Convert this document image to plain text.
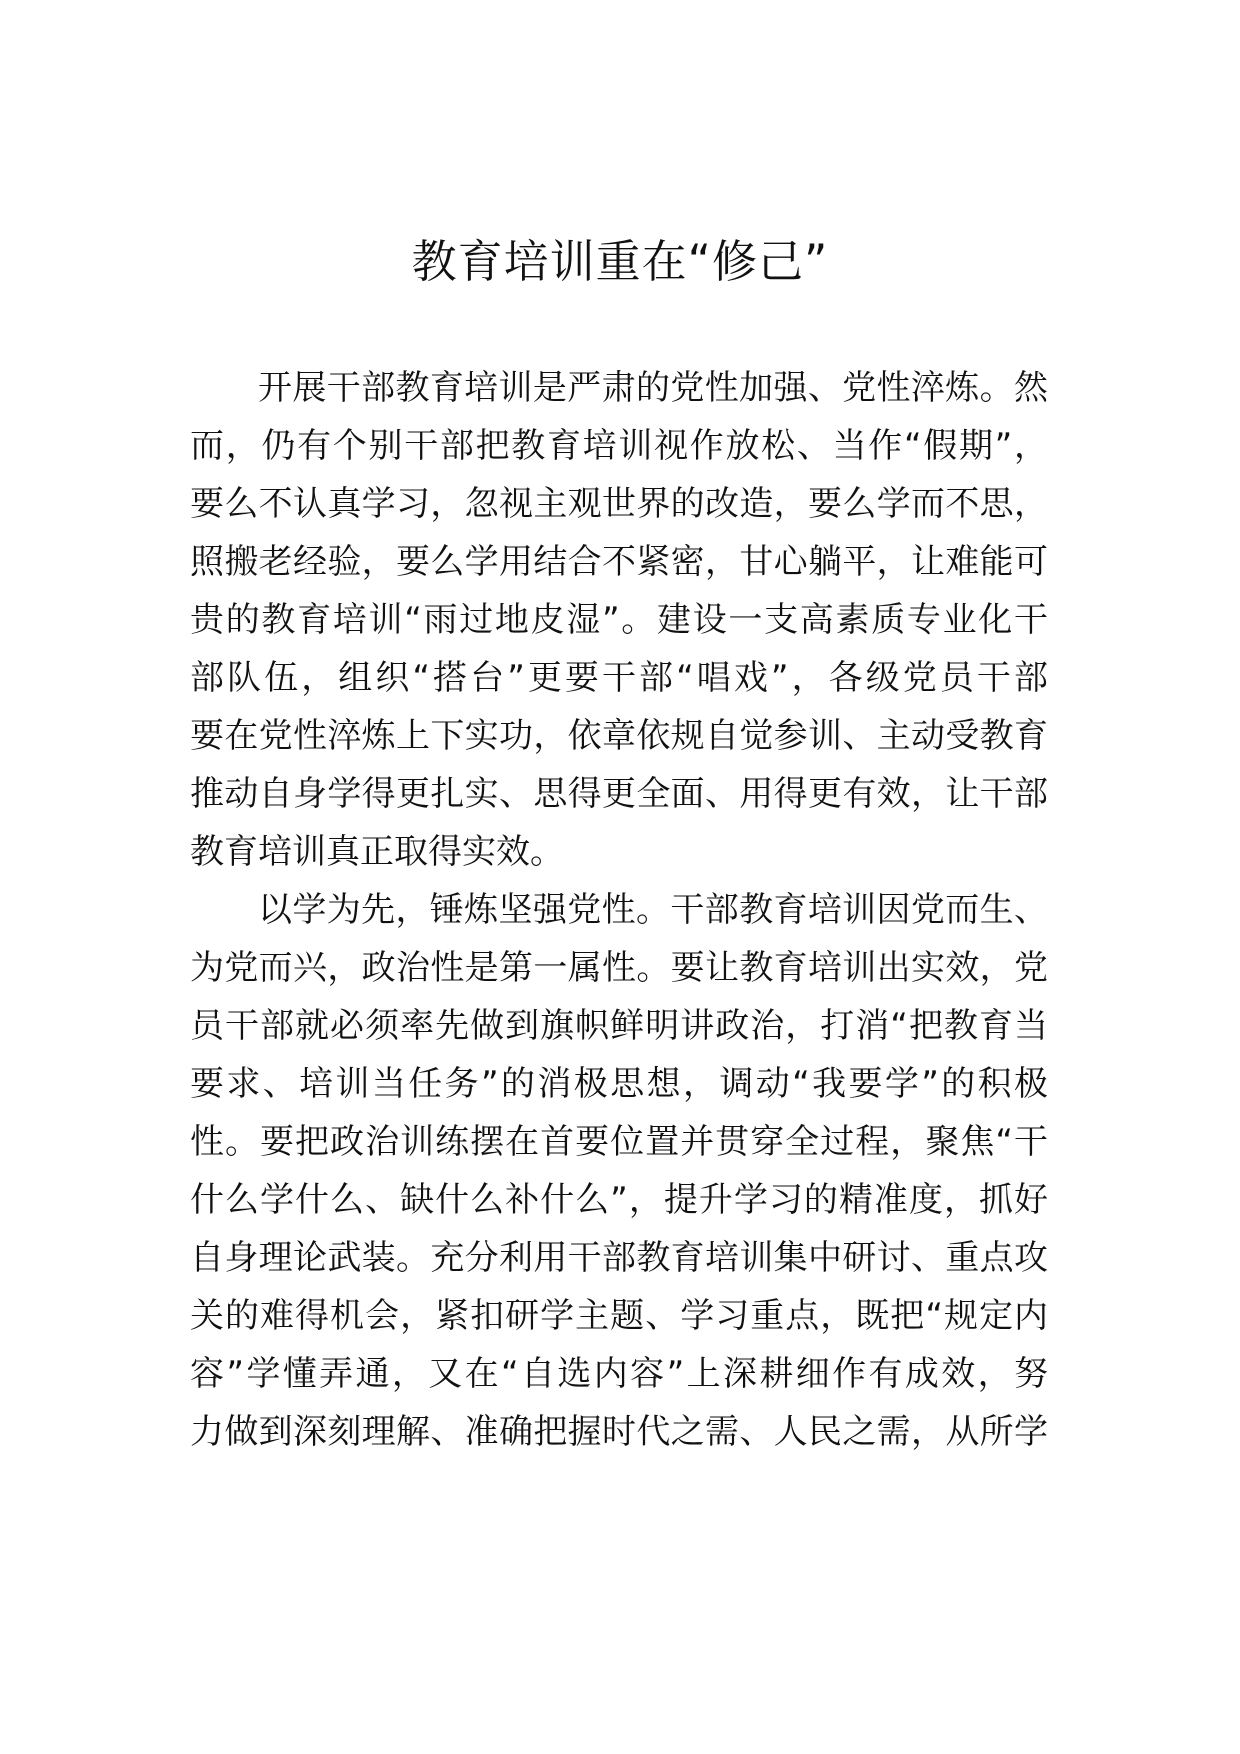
教育培训重在“修己”
开展干部教育培训是严肃的党性加强、党性淬炼。然
而，仍有个别干部把教育培训视作放松、当作“假期”，
要么不认真学习，忽视主观世界的改造，要么学而不思，
照搬老经验，要么学用结合不紧密，甘心躺平，让难能可
贵的教育培训“雨过地皮湿”。建设一支高素质专业化干
部队伍，组织“搭台”更要干部“唱戏”，各级党员干部
要在党性淬炼上下实功，依章依规自觉参训、主动受教育
推动自身学得更扎实、思得更全面、用得更有效，让干部
教育培训真正取得实效。
以学为先，锤炼坚强党性。干部教育培训因党而生、
为党而兴，政治性是第一属性。要让教育培训出实效，党
员干部就必须率先做到旗帜鲜明讲政治，打消“把教育当
要求、培训当任务”的消极思想，调动“我要学”的积极
性。要把政治训练摆在首要位置并贯穿全过程，聚焦“干
什么学什么、缺什么补什么”，提升学习的精准度，抓好
自身理论武装。充分利用干部教育培训集中研讨、重点攻
关的难得机会，紧扣研学主题、学习重点，既把“规定内
容”学懂弄通，又在“自选内容”上深耕细作有成效，努
力做到深刻理解、准确把握时代之需、人民之需，从所学
